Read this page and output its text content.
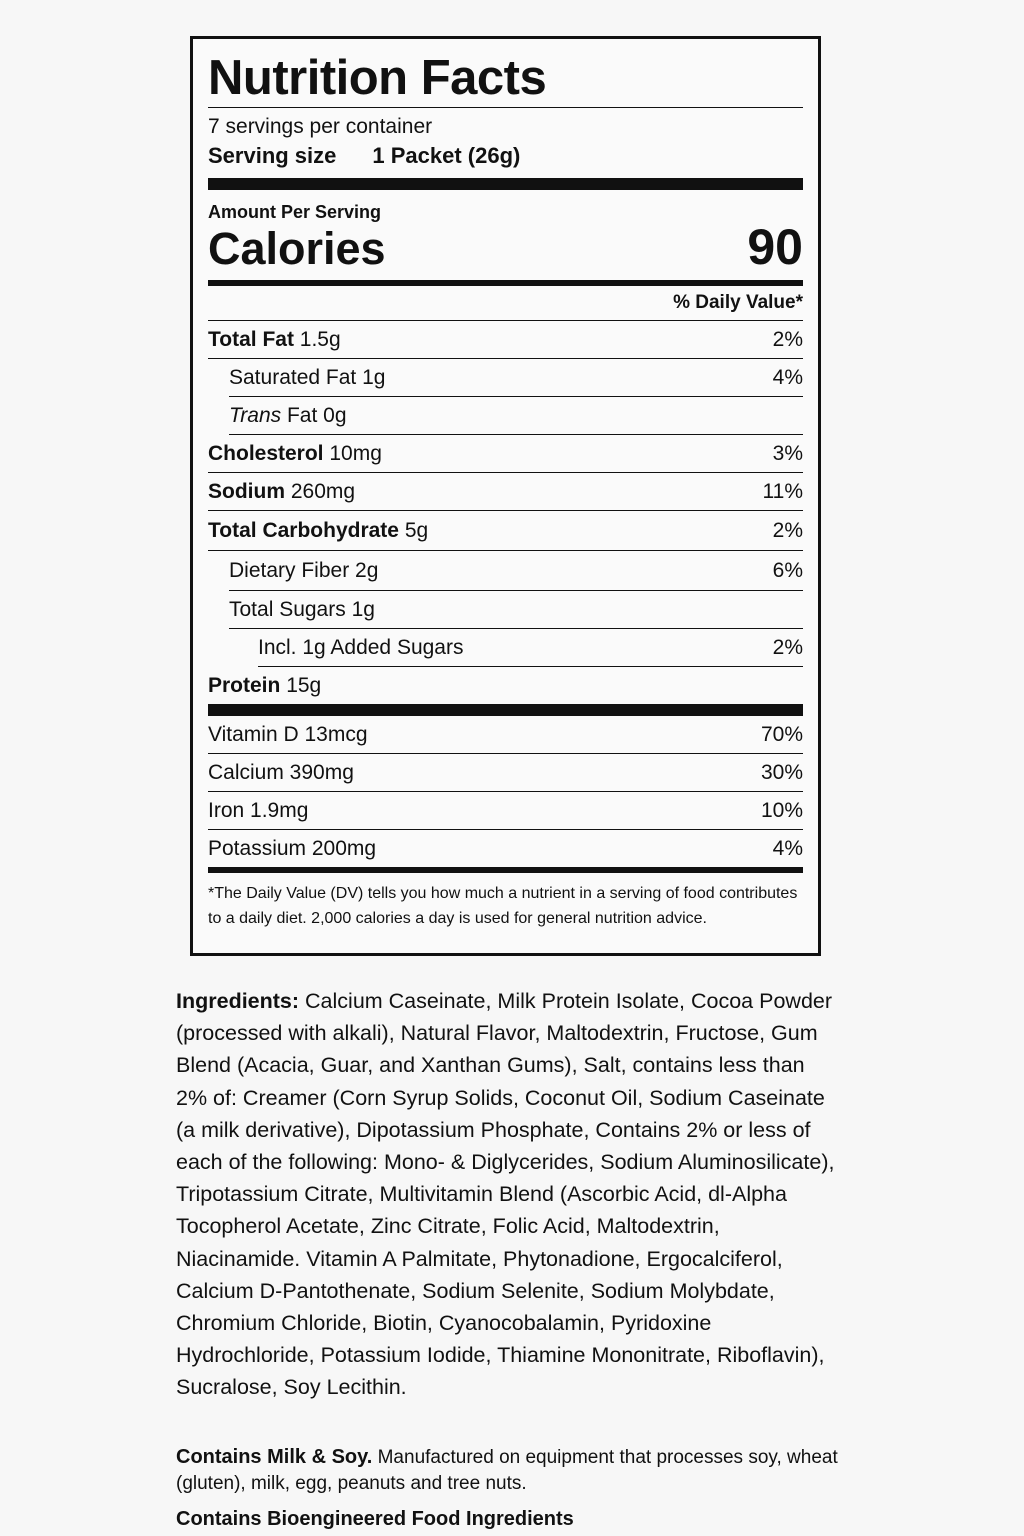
Nutrition Facts
7 servings per container
Serving size 1 Packet (26g)
Amount Per Serving
Calories	90
% Daily Value*
Total Fat 1.5g	2%
Saturated Fat 1g	4%
Trans Fat 0g
Cholesterol 10mg	3%
Sodium 260mg	11%
Total Carbohydrate 5g	2%
Dietary Fiber 2g	6%
Total Sugars 1g
Incl. 1g Added Sugars	2%
Protein 15g
Vitamin D 13mcg	70%
Calcium 390mg	30%
Iron 1.9mg	10%
Potassium 200mg	4%
*The Daily Value (DV) tells you how much a nutrient in a serving of food contributes to a daily diet. 2,000 calories a day is used for general nutrition advice.
Ingredients: Calcium Caseinate, Milk Protein Isolate, Cocoa Powder (processed with alkali), Natural Flavor, Maltodextrin, Fructose, Gum Blend (Acacia, Guar, and Xanthan Gums), Salt, contains less than 2% of: Creamer (Corn Syrup Solids, Coconut Oil, Sodium Caseinate (a milk derivative), Dipotassium Phosphate, Contains 2% or less of each of the following: Mono- & Diglycerides, Sodium Aluminosilicate), Tripotassium Citrate, Multivitamin Blend (Ascorbic Acid, dl-Alpha Tocopherol Acetate, Zinc Citrate, Folic Acid, Maltodextrin, Niacinamide. Vitamin A Palmitate, Phytonadione, Ergocalciferol, Calcium D-Pantothenate, Sodium Selenite, Sodium Molybdate, Chromium Chloride, Biotin, Cyanocobalamin, Pyridoxine Hydrochloride, Potassium Iodide, Thiamine Mononitrate, Riboflavin), Sucralose, Soy Lecithin.
Contains Milk & Soy. Manufactured on equipment that processes soy, wheat (gluten), milk, egg, peanuts and tree nuts.
Contains Bioengineered Food Ingredients
